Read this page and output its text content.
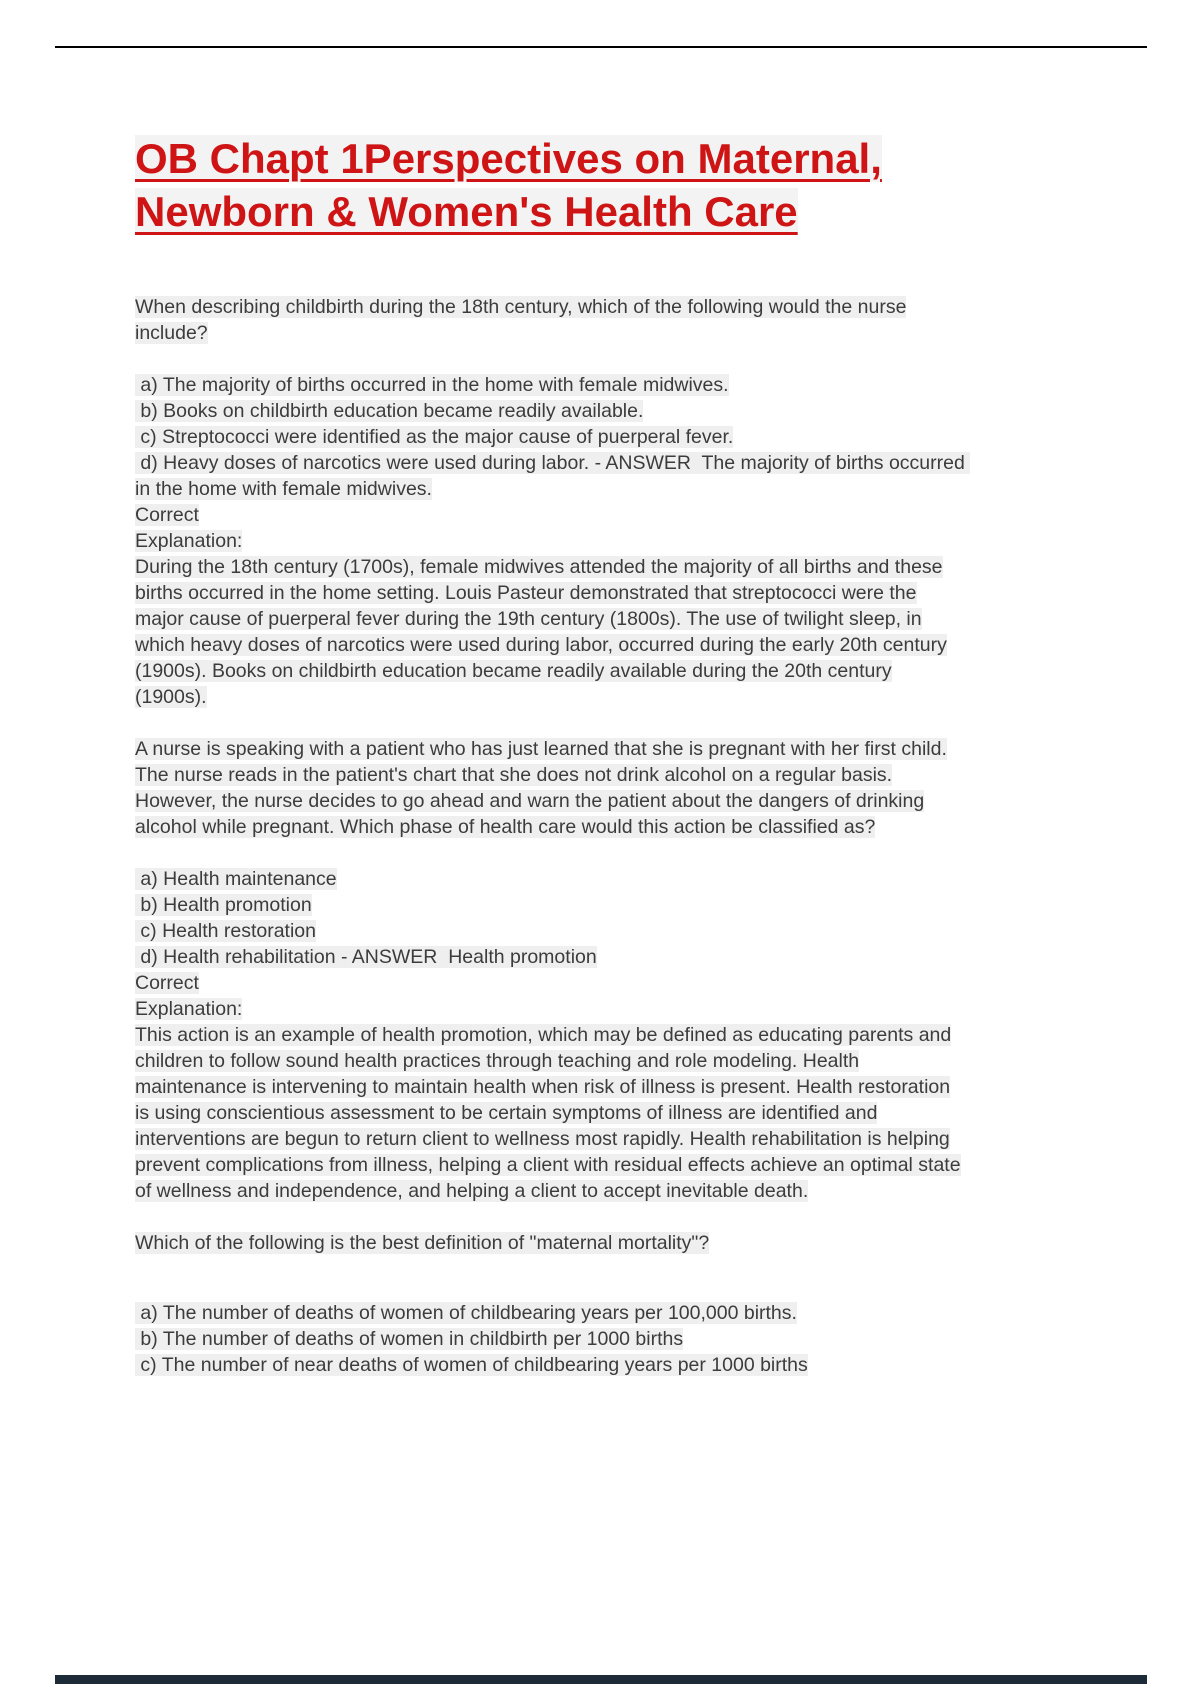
OB Chapt 1Perspectives on Maternal, Newborn & Women's Health Care

When describing childbirth during the 18th century, which of the following would the nurse include?

a) The majority of births occurred in the home with female midwives.
b) Books on childbirth education became readily available.
c) Streptococci were identified as the major cause of puerperal fever.
d) Heavy doses of narcotics were used during labor. - ANSWER  The majority of births occurred in the home with female midwives.
Correct
Explanation:

During the 18th century (1700s), female midwives attended the majority of all births and these births occurred in the home setting. Louis Pasteur demonstrated that streptococci were the major cause of puerperal fever during the 19th century (1800s). The use of twilight sleep, in which heavy doses of narcotics were used during labor, occurred during the early 20th century (1900s). Books on childbirth education became readily available during the 20th century (1900s).

A nurse is speaking with a patient who has just learned that she is pregnant with her first child. The nurse reads in the patient's chart that she does not drink alcohol on a regular basis. However, the nurse decides to go ahead and warn the patient about the dangers of drinking alcohol while pregnant. Which phase of health care would this action be classified as?

a) Health maintenance
b) Health promotion
c) Health restoration
d) Health rehabilitation - ANSWER  Health promotion
Correct
Explanation:

This action is an example of health promotion, which may be defined as educating parents and children to follow sound health practices through teaching and role modeling. Health maintenance is intervening to maintain health when risk of illness is present. Health restoration is using conscientious assessment to be certain symptoms of illness are identified and interventions are begun to return client to wellness most rapidly. Health rehabilitation is helping prevent complications from illness, helping a client with residual effects achieve an optimal state of wellness and independence, and helping a client to accept inevitable death.

Which of the following is the best definition of "maternal mortality"?

a) The number of deaths of women of childbearing years per 100,000 births.
b) The number of deaths of women in childbirth per 1000 births
c) The number of near deaths of women of childbearing years per 1000 births
